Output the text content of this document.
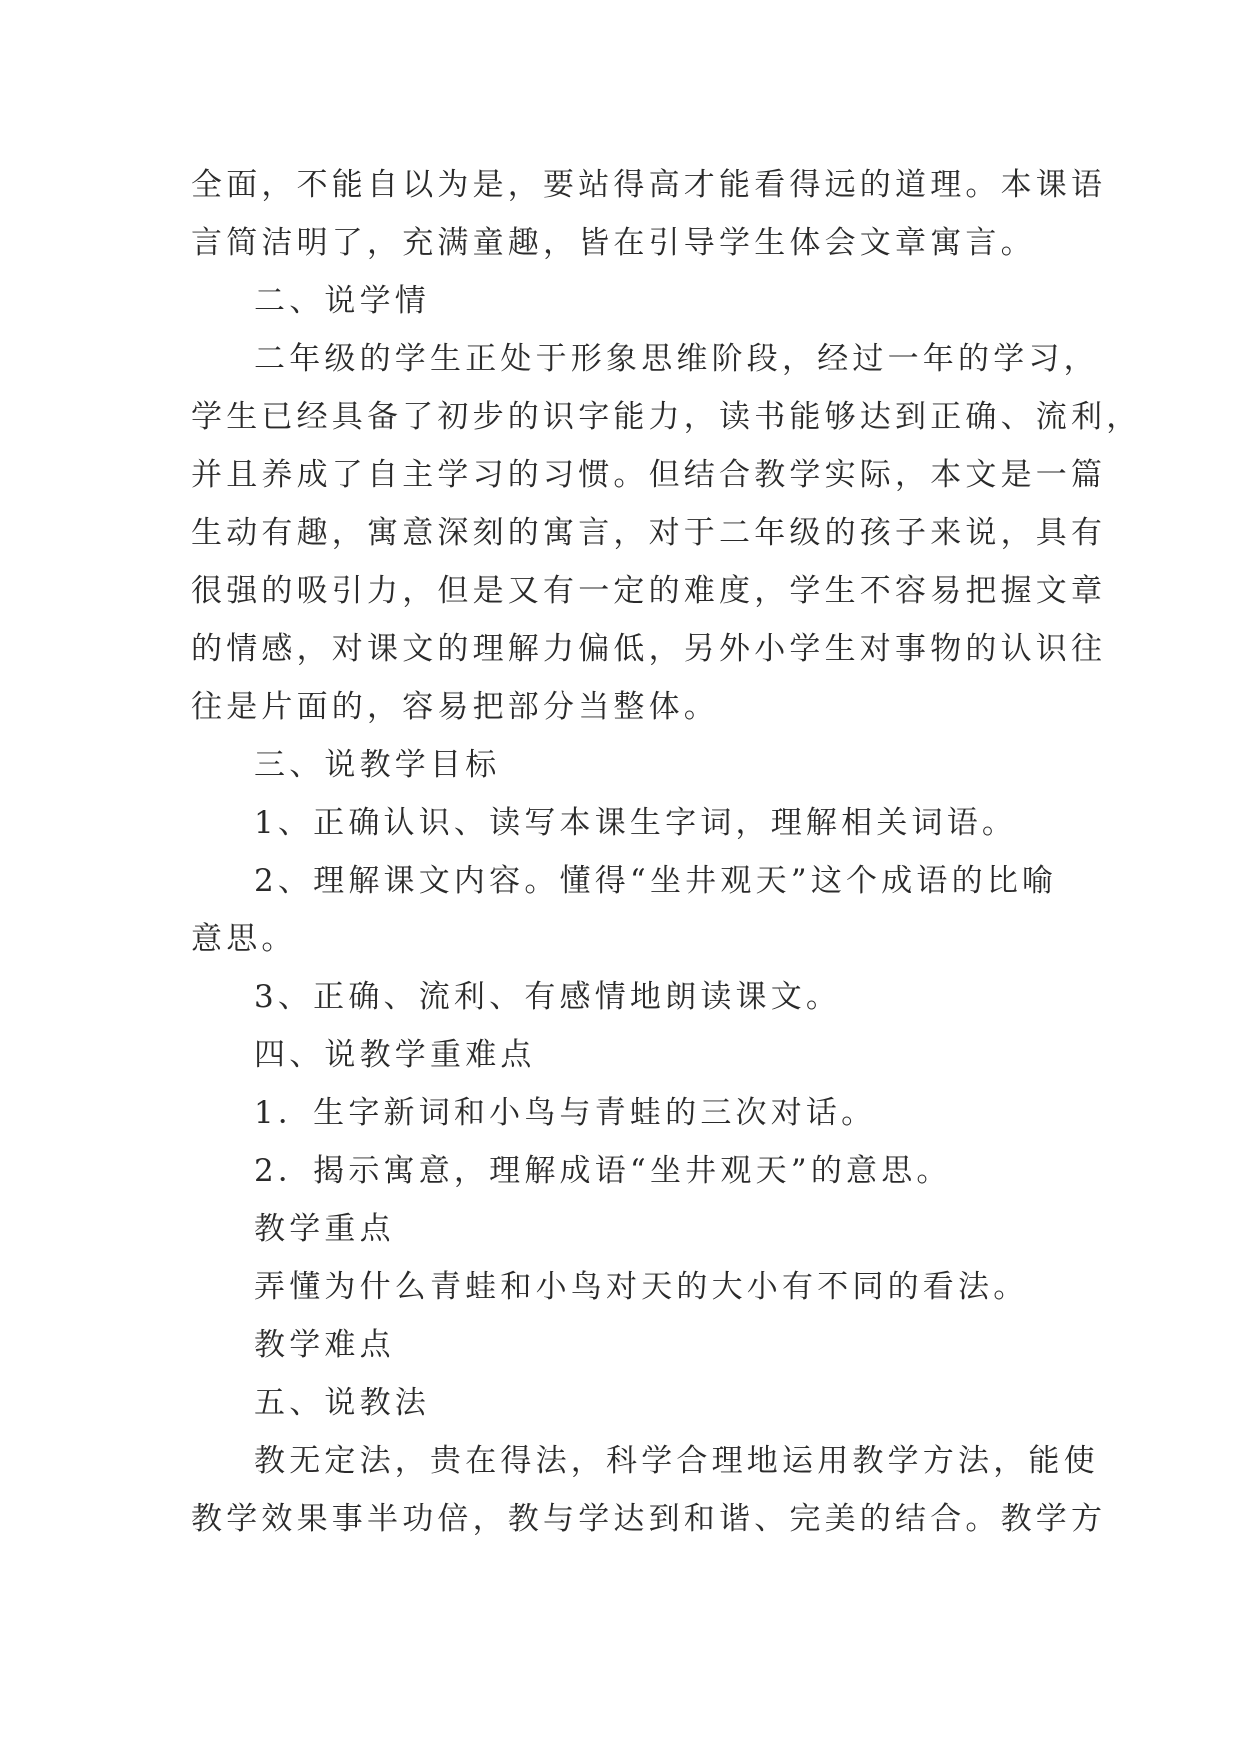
全面，不能自以为是，要站得高才能看得远的道理。本课语
言简洁明了，充满童趣，皆在引导学生体会文章寓言。
二、说学情
二年级的学生正处于形象思维阶段，经过一年的学习，
学生已经具备了初步的识字能力，读书能够达到正确、流利，
并且养成了自主学习的习惯。但结合教学实际，本文是一篇
生动有趣，寓意深刻的寓言，对于二年级的孩子来说，具有
很强的吸引力，但是又有一定的难度，学生不容易把握文章
的情感，对课文的理解力偏低，另外小学生对事物的认识往
往是片面的，容易把部分当整体。
三、说教学目标
1、正确认识、读写本课生字词，理解相关词语。
2、理解课文内容。懂得“坐井观天”这个成语的比喻
意思。
3、正确、流利、有感情地朗读课文。
四、说教学重难点
1．生字新词和小鸟与青蛙的三次对话。
2．揭示寓意，理解成语“坐井观天”的意思。
教学重点
弄懂为什么青蛙和小鸟对天的大小有不同的看法。
教学难点
五、说教法
教无定法，贵在得法，科学合理地运用教学方法，能使
教学效果事半功倍，教与学达到和谐、完美的结合。教学方
